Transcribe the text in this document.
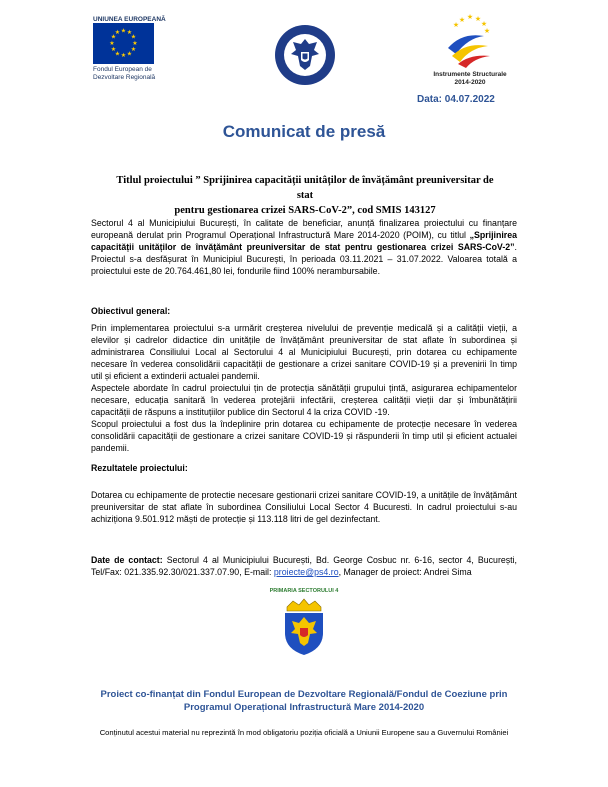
UNIUNEA EUROPEANĂ
★ ★
★
★
★
★
★
★
★
★
★
★
Fondul European de
Dezvoltare Regională
★ ★ ★
★
★
★
Instrumente Structurale
2014-2020
Data: 04.07.2022
Comunicat de presă
Titlul proiectului ” Sprijinirea capacității unitâților de învățământ preuniversitar de stat
pentru gestionarea crizei SARS-CoV-2”, cod SMIS 143127
Sectorul 4 al Municipiului București, în calitate de beneficiar, anunță finalizarea proiectului cu finanțare europeană derulat prin Programul Operațional Infrastructură Mare 2014-2020 (POIM), cu titlul „Sprijinirea capacității unităților de învățământ preuniversitar de stat pentru gestionarea crizei SARS-CoV-2”. Proiectul s-a desfășurat în Municipiul București, în perioada 03.11.2021 – 31.07.2022. Valoarea totală a proiectului este de 20.764.461,80 lei, fondurile fiind 100% nerambursabile.
Obiectivul general:
Prin implementarea proiectului s-a urmărit creșterea nivelului de prevenție medicală și a calității vieții, a elevilor și cadrelor didactice din unitățile de învățământ preuniversitar de stat aflate în subordinea și administrarea Consiliului Local al Sectorului 4 al Municipiului București, prin dotarea cu echipamente necesare în vederea consolidării capacității de gestionare a crizei sanitare COVID-19 și a prevenirii în timp util și eficient a extinderii actualei pandemii.
Aspectele abordate în cadrul proiectului țin de protecția sănătății grupului țintă, asigurarea echipamentelor necesare, educația sanitară în vederea protejării infectării, creșterea calității vieții dar și îmbunătățirii capacității de răspuns a instituțiilor publice din Sectorul 4 la criza COVID -19.
Scopul proiectului a fost dus la îndeplinire prin dotarea cu echipamente de protecție necesare în vederea consolidării capacității de gestionare a crizei sanitare COVID-19 și răspunderii în timp util și eficient actualei pandemii.
Rezultatele proiectului:
Dotarea cu echipamente de protectie necesare gestionarii crizei sanitare COVID-19, a unitățile de învățământ preuniversitar de stat aflate în subordinea Consiliului Local Sector 4 Bucuresti. In cadrul proiectului s-au achiziționa 9.501.912 măști de protecție și 113.118 litri de gel dezinfectant.
Date de contact: Sectorul 4 al Municipiului București, Bd. George Cosbuc nr. 6-16, sector 4, București, Tel/Fax: 021.335.92.30/021.337.07.90, E-mail: proiecte@ps4.ro, Manager de proiect: Andrei Sima
PRIMARIA SECTORULUI 4
Proiect co-finanțat din Fondul European de Dezvoltare Regională/Fondul de Coeziune prin
Programul Operațional Infrastructură Mare 2014-2020
Conținutul acestui material nu reprezintă în mod obligatoriu poziția oficială a Uniunii Europene sau a Guvernului României
